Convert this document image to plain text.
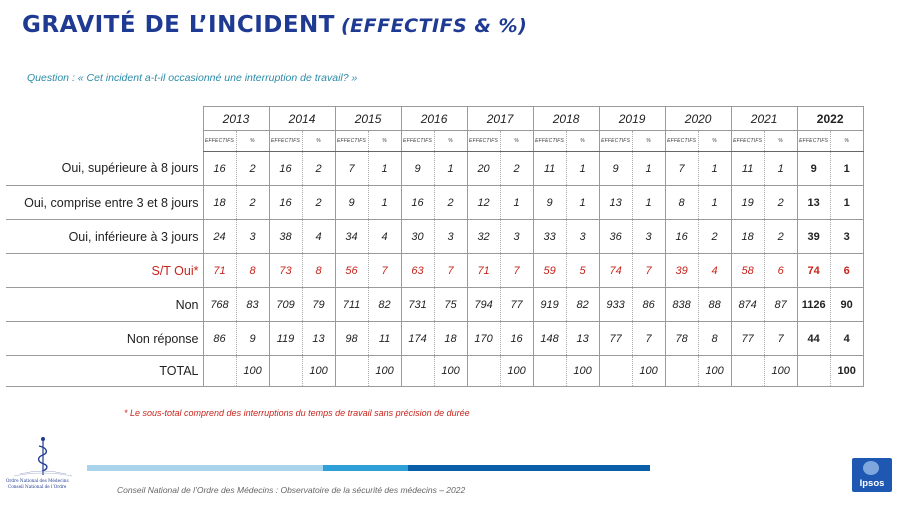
GRAVITÉ DE L’INCIDENT (EFFECTIFS & %)
Question : « Cet incident a-t-il occasionné une interruption de travail? »
	2013		2014		2015		2016		2017		2018		2019		2020		2021		2022	
	EFFECTIFS	%	EFFECTIFS	%	EFFECTIFS	%	EFFECTIFS	%	EFFECTIFS	%	EFFECTIFS	%	EFFECTIFS	%	EFFECTIFS	%	EFFECTIFS	%	EFFECTIFS	%
Oui, supérieure à 8 jours	16	2	16	2	7	1	9	1	20	2	11	1	9	1	7	1	11	1	9	1
Oui, comprise entre 3 et 8 jours	18	2	16	2	9	1	16	2	12	1	9	1	13	1	8	1	19	2	13	1
Oui, inférieure à 3 jours	24	3	38	4	34	4	30	3	32	3	33	3	36	3	16	2	18	2	39	3
S/T Oui*	71	8	73	8	56	7	63	7	71	7	59	5	74	7	39	4	58	6	74	6
Non	768	83	709	79	711	82	731	75	794	77	919	82	933	86	838	88	874	87	1126	90
Non réponse	86	9	119	13	98	11	174	18	170	16	148	13	77	7	78	8	77	7	44	4
TOTAL		100		100		100		100		100		100		100		100		100		100
* Le sous-total comprend des interruptions du temps de travail sans précision de durée
Conseil National de l’Ordre des Médecins : Observatoire de la sécurité des médecins – 2022
Ordre National des Médecins
Conseil National de l’Ordre	Ipsos
